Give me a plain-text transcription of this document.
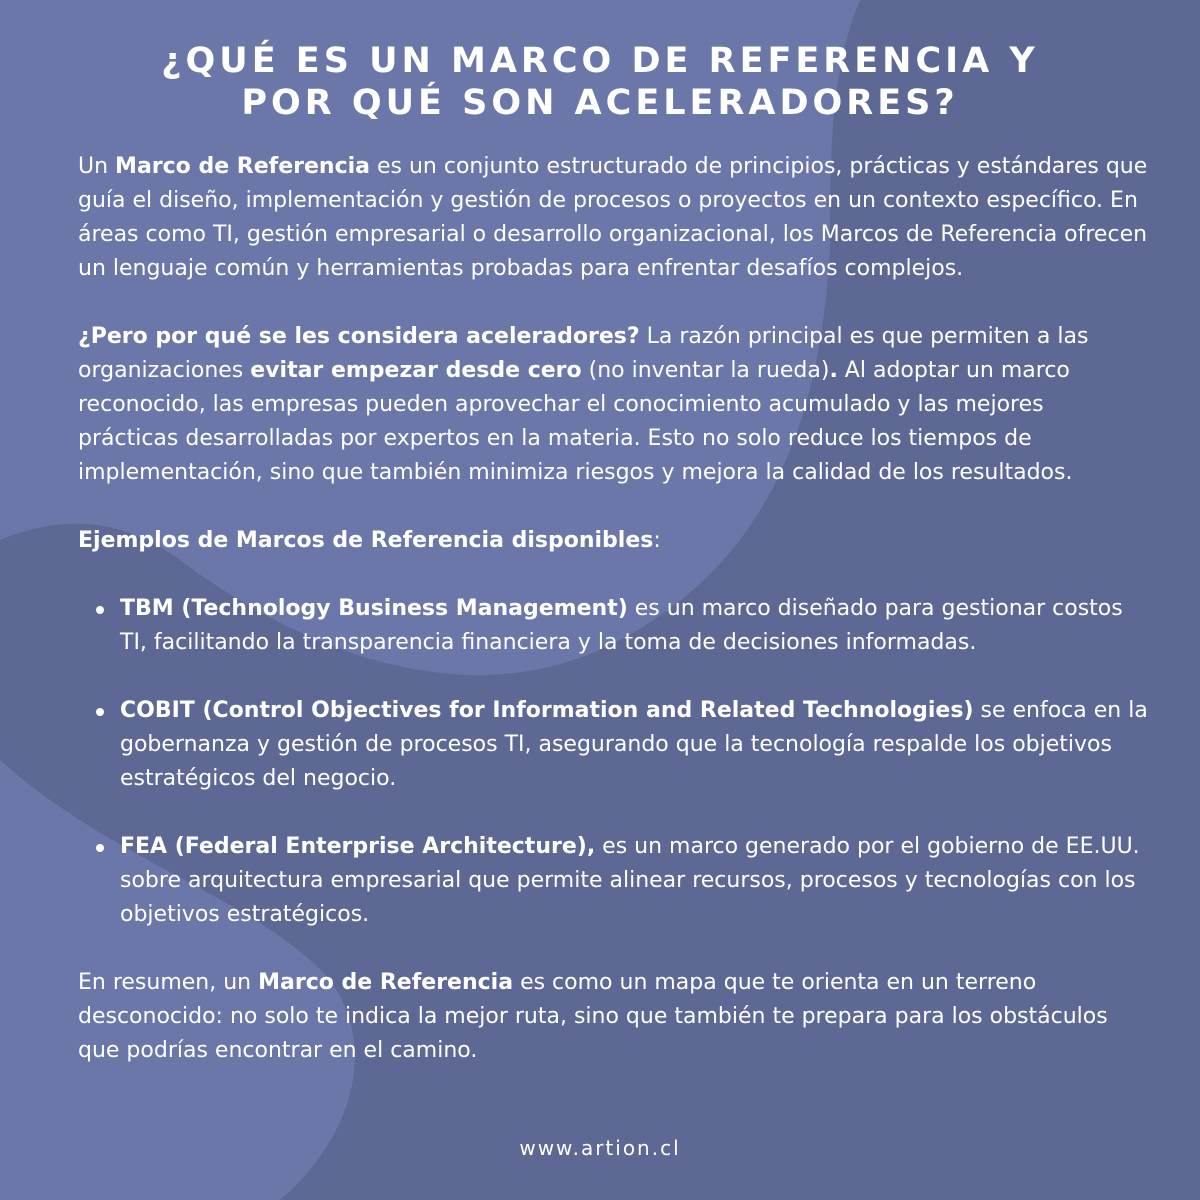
¿QUÉ ES UN MARCO DE REFERENCIA Y
POR QUÉ SON ACELERADORES?

Un Marco de Referencia es un conjunto estructurado de principios, prácticas y estándares que guía el diseño, implementación y gestión de procesos o proyectos en un contexto específico. En áreas como TI, gestión empresarial o desarrollo organizacional, los Marcos de Referencia ofrecen un lenguaje común y herramientas probadas para enfrentar desafíos complejos.

¿Pero por qué se les considera aceleradores? La razón principal es que permiten a las organizaciones evitar empezar desde cero (no inventar la rueda). Al adoptar un marco reconocido, las empresas pueden aprovechar el conocimiento acumulado y las mejores prácticas desarrolladas por expertos en la materia. Esto no solo reduce los tiempos de implementación, sino que también minimiza riesgos y mejora la calidad de los resultados.

Ejemplos de Marcos de Referencia disponibles:

TBM (Technology Business Management) es un marco diseñado para gestionar costos TI, facilitando la transparencia financiera y la toma de decisiones informadas.
COBIT (Control Objectives for Information and Related Technologies) se enfoca en la gobernanza y gestión de procesos TI, asegurando que la tecnología respalde los objetivos estratégicos del negocio.
FEA (Federal Enterprise Architecture), es un marco generado por el gobierno de EE.UU. sobre arquitectura empresarial que permite alinear recursos, procesos y tecnologías con los objetivos estratégicos.

En resumen, un Marco de Referencia es como un mapa que te orienta en un terreno desconocido: no solo te indica la mejor ruta, sino que también te prepara para los obstáculos que podrías encontrar en el camino.

www.artion.cl
